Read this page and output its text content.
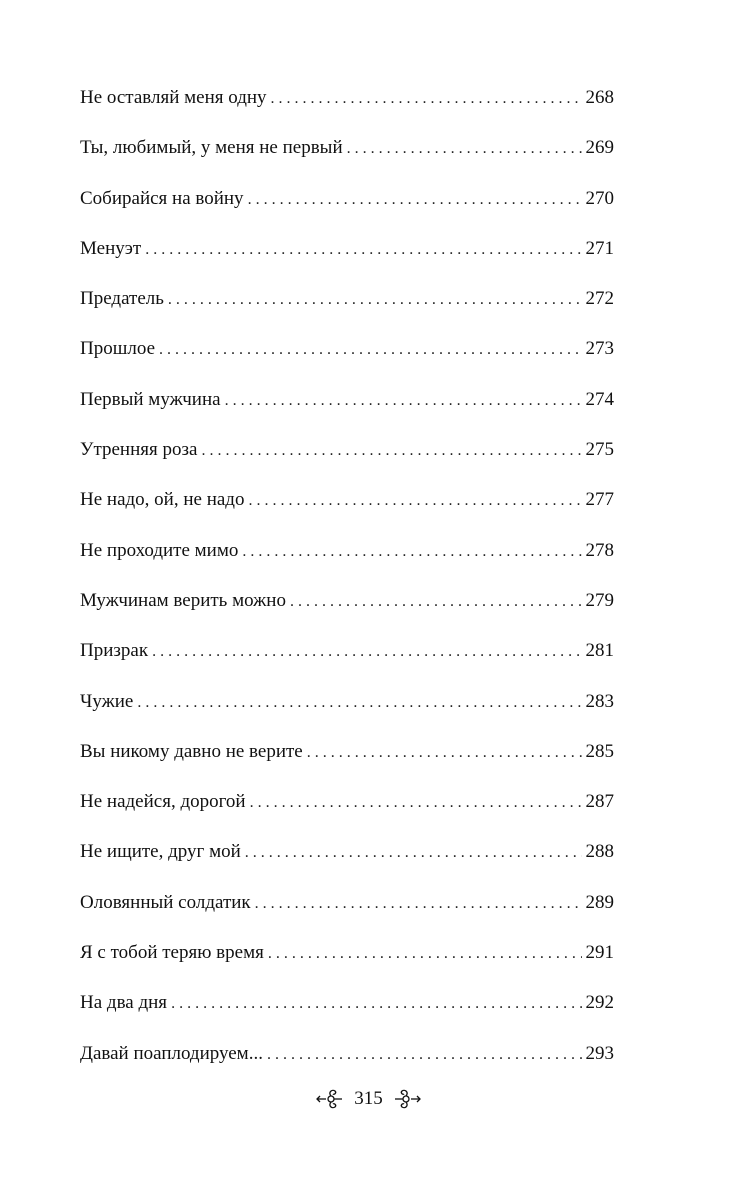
Не оставляй меня одну . . .	268
Ты, любимый, у меня не первый . . .	269
Собирайся на войну . . .	270
Менуэт . . .	271
Предатель . . .	272
Прошлое . . .	273
Первый мужчина . . .	274
Утренняя роза . . .	275
Не надо, ой, не надо . . .	277
Не проходите мимо . . .	278
Мужчинам верить можно . . .	279
Призрак . . .	281
Чужие . . .	283
Вы никому давно не верите . . .	285
Не надейся, дорогой . . .	287
Не ищите, друг мой . . .	288
Оловянный солдатик . . .	289
Я с тобой теряю время . . .	291
На два дня . . .	292
Давай поаплодируем... . . .	293
315
